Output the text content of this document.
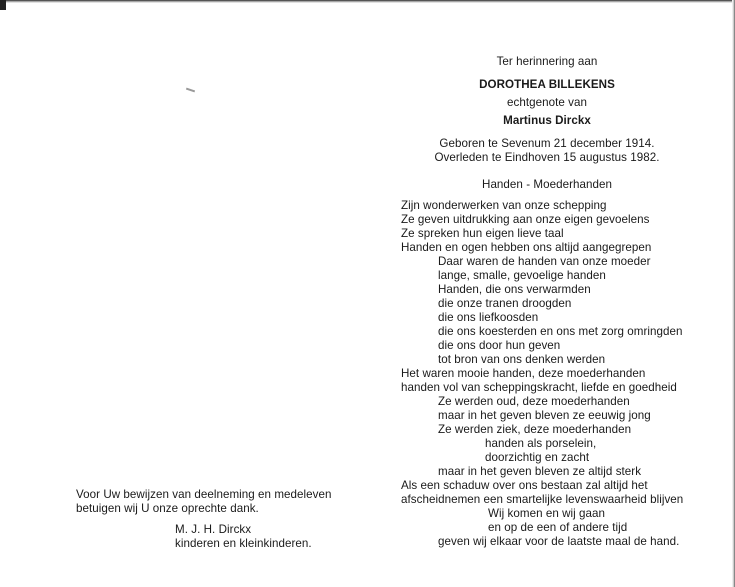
Ter herinnering aan
DOROTHEA BILLEKENS
echtgenote van
Martinus Dirckx
Geboren te Sevenum 21 december 1914.
Overleden te Eindhoven 15 augustus 1982.
Handen - Moederhanden
Zijn wonderwerken van onze schepping
Ze geven uitdrukking aan onze eigen gevoelens
Ze spreken hun eigen lieve taal
Handen en ogen hebben ons altijd aangegrepen
Daar waren de handen van onze moeder
lange, smalle, gevoelige handen
Handen, die ons verwarmden
die onze tranen droogden
die ons liefkoosden
die ons koesterden en ons met zorg omringden
die ons door hun geven
tot bron van ons denken werden
Het waren mooie handen, deze moederhanden
handen vol van scheppingskracht, liefde en goedheid
Ze werden oud, deze moederhanden
maar in het geven bleven ze eeuwig jong
Ze werden ziek, deze moederhanden
handen als porselein,
doorzichtig en zacht
maar in het geven bleven ze altijd sterk
Als een schaduw over ons bestaan zal altijd het
afscheidnemen een smartelijke levenswaarheid blijven
Wij komen en wij gaan
en op de een of andere tijd
geven wij elkaar voor de laatste maal de hand.
Voor Uw bewijzen van deelneming en medeleven
betuigen wij U onze oprechte dank.
M. J. H. Dirckx
kinderen en kleinkinderen.
